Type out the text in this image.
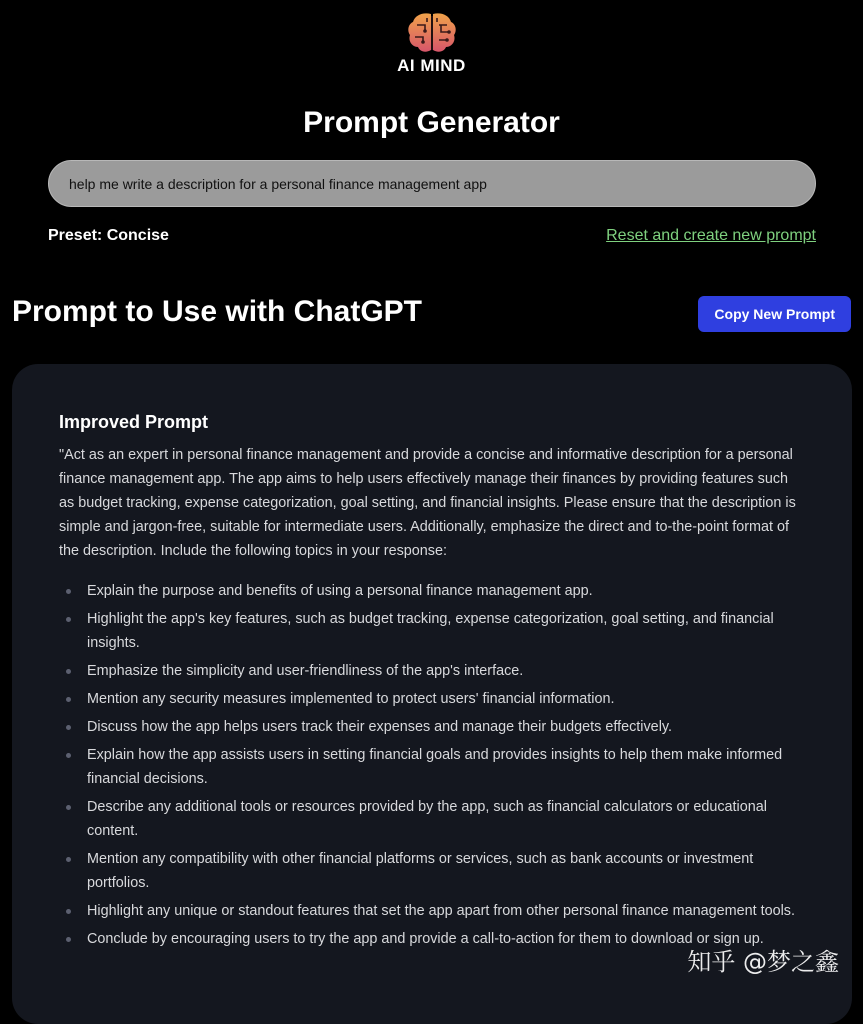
AI MIND
Prompt Generator
help me write a description for a personal finance management app
Preset: Concise	Reset and create new prompt
Prompt to Use with ChatGPT	Copy New Prompt
Improved Prompt

"Act as an expert in personal finance management and provide a concise and informative description for a personal finance management app. The app aims to help users effectively manage their finances by providing features such as budget tracking, expense categorization, goal setting, and financial insights. Please ensure that the description is simple and jargon-free, suitable for intermediate users. Additionally, emphasize the direct and to-the-point format of the description. Include the following topics in your response:

Explain the purpose and benefits of using a personal finance management app.
Highlight the app's key features, such as budget tracking, expense categorization, goal setting, and financial insights.
Emphasize the simplicity and user-friendliness of the app's interface.
Mention any security measures implemented to protect users' financial information.
Discuss how the app helps users track their expenses and manage their budgets effectively.
Explain how the app assists users in setting financial goals and provides insights to help them make informed financial decisions.
Describe any additional tools or resources provided by the app, such as financial calculators or educational content.
Mention any compatibility with other financial platforms or services, such as bank accounts or investment portfolios.
Highlight any unique or standout features that set the app apart from other personal finance management tools.
Conclude by encouraging users to try the app and provide a call-to-action for them to download or sign up.
知乎 @梦之鑫
